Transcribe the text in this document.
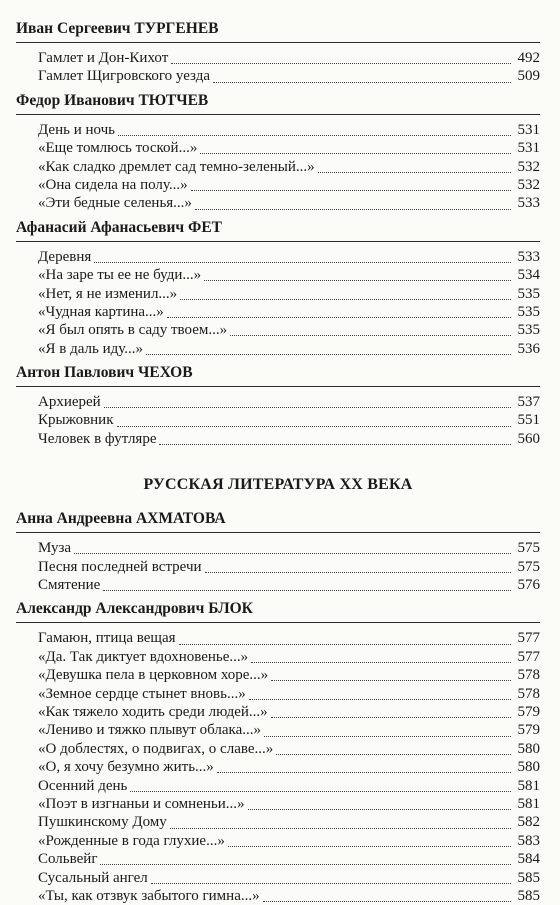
Иван Сергеевич ТУРГЕНЕВ
Гамлет и Дон-Кихот	492
Гамлет Щигровского уезда	509
Федор Иванович ТЮТЧЕВ
День и ночь	531
«Еще томлюсь тоской...»	531
«Как сладко дремлет сад темно-зеленый...»	532
«Она сидела на полу...»	532
«Эти бедные селенья...»	533
Афанасий Афанасьевич ФЕТ
Деревня	533
«На заре ты ее не буди...»	534
«Нет, я не изменил...»	535
«Чудная картина...»	535
«Я был опять в саду твоем...»	535
«Я в даль иду...»	536
Антон Павлович ЧЕХОВ
Архиерей	537
Крыжовник	551
Человек в футляре	560
РУССКАЯ ЛИТЕРАТУРА XX ВЕКА
Анна Андреевна АХМАТОВА
Муза	575
Песня последней встречи	575
Смятение	576
Александр Александрович БЛОК
Гамаюн, птица вещая	577
«Да. Так диктует вдохновенье...»	577
«Девушка пела в церковном хоре...»	578
«Земное сердце стынет вновь...»	578
«Как тяжело ходить среди людей...»	579
«Лениво и тяжко плывут облака...»	579
«О доблестях, о подвигах, о славе...»	580
«О, я хочу безумно жить...»	580
Осенний день	581
«Поэт в изгнаньи и сомненьи...»	581
Пушкинскому Дому	582
«Рожденные в года глухие...»	583
Сольвейг	584
Сусальный ангел	585
«Ты, как отзвук забытого гимна...»	585
